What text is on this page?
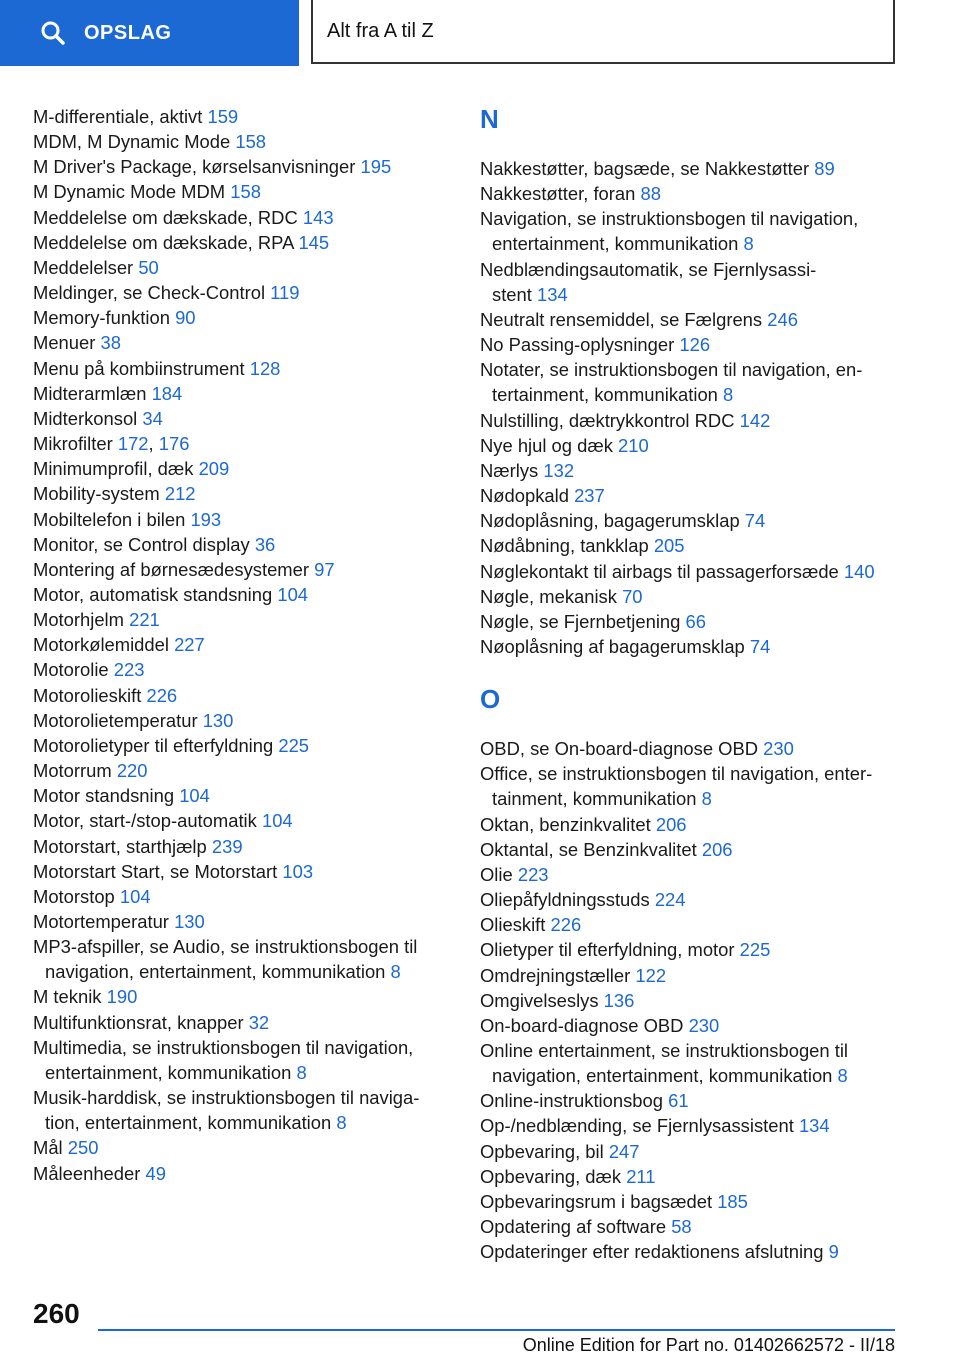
OPSLAG	Alt fra A til Z
M-differentiale, aktivt 159
MDM, M Dynamic Mode 158
M Driver's Package, kørselsanvisninger 195
M Dynamic Mode MDM 158
Meddelelse om dækskade, RDC 143
Meddelelse om dækskade, RPA 145
Meddelelser 50
Meldinger, se Check-Control 119
Memory-funktion 90
Menuer 38
Menu på kombiinstrument 128
Midterarmlæn 184
Midterkonsol 34
Mikrofilter 172, 176
Minimumprofil, dæk 209
Mobility-system 212
Mobiltelefon i bilen 193
Monitor, se Control display 36
Montering af børnesædesystemer 97
Motor, automatisk standsning 104
Motorhjelm 221
Motorkølemiddel 227
Motorolie 223
Motorolieskift 226
Motorolietemperatur 130
Motorolietyper til efterfyldning 225
Motorrum 220
Motor standsning 104
Motor, start-/stop-automatik 104
Motorstart, starthjælp 239
Motorstart Start, se Motorstart 103
Motorstop 104
Motortemperatur 130
MP3-afspiller, se Audio, se instruktionsbogen til
navigation, entertainment, kommunikation 8
M teknik 190
Multifunktionsrat, knapper 32
Multimedia, se instruktionsbogen til navigation,
entertainment, kommunikation 8
Musik-harddisk, se instruktionsbogen til naviga‐
tion, entertainment, kommunikation 8
Mål 250
Måleenheder 49
N
Nakkestøtter, bagsæde, se Nakkestøtter 89
Nakkestøtter, foran 88
Navigation, se instruktionsbogen til navigation,
entertainment, kommunikation 8
Nedblændingsautomatik, se Fjernlysassi‐
stent 134
Neutralt rensemiddel, se Fælgrens 246
No Passing-oplysninger 126
Notater, se instruktionsbogen til navigation, en‐
tertainment, kommunikation 8
Nulstilling, dæktrykkontrol RDC 142
Nye hjul og dæk 210
Nærlys 132
Nødopkald 237
Nødoplåsning, bagagerumsklap 74
Nødåbning, tankklap 205
Nøglekontakt til airbags til passagerforsæde 140
Nøgle, mekanisk 70
Nøgle, se Fjernbetjening 66
Nøoplåsning af bagagerumsklap 74
O
OBD, se On-board-diagnose OBD 230
Office, se instruktionsbogen til navigation, enter‐
tainment, kommunikation 8
Oktan, benzinkvalitet 206
Oktantal, se Benzinkvalitet 206
Olie 223
Oliepåfyldningsstuds 224
Olieskift 226
Olietyper til efterfyldning, motor 225
Omdrejningstæller 122
Omgivelseslys 136
On-board-diagnose OBD 230
Online entertainment, se instruktionsbogen til
navigation, entertainment, kommunikation 8
Online-instruktionsbog 61
Op-/nedblænding, se Fjernlysassistent 134
Opbevaring, bil 247
Opbevaring, dæk 211
Opbevaringsrum i bagsædet 185
Opdatering af software 58
Opdateringer efter redaktionens afslutning 9
260
Online Edition for Part no. 01402662572 - II/18
